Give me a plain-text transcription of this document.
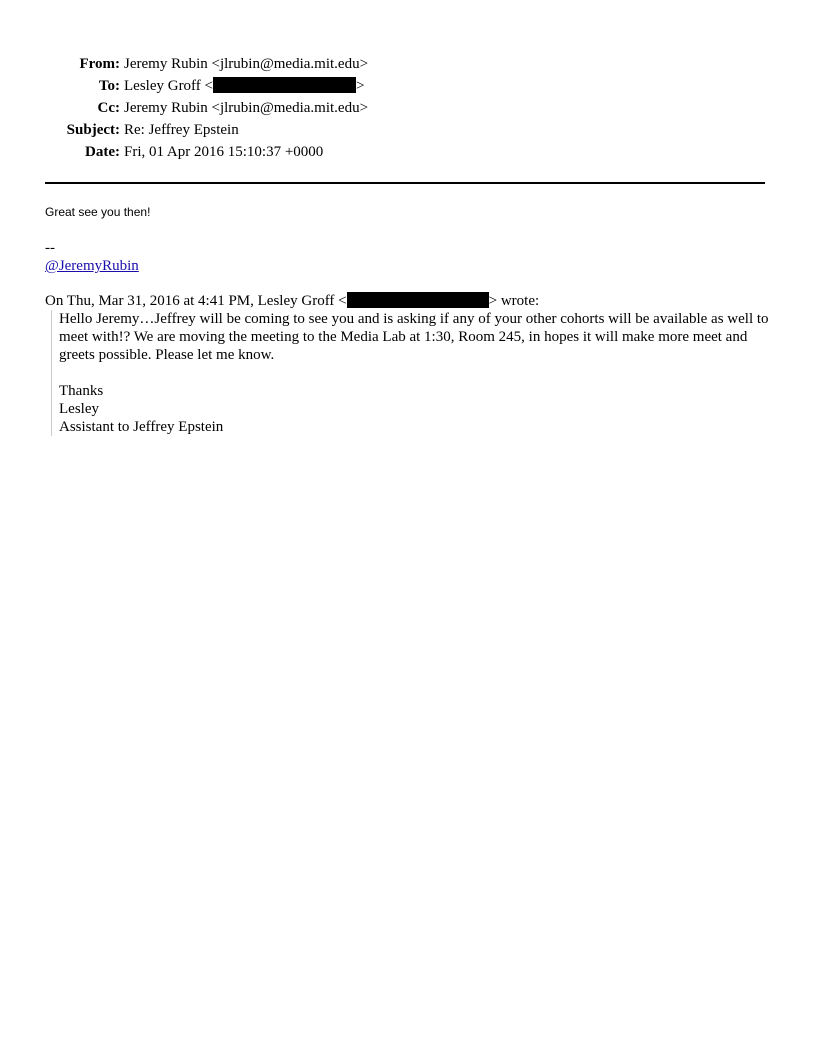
From: Jeremy Rubin <jlrubin@media.mit.edu>
To: Lesley Groff <	>
Cc: Jeremy Rubin <jlrubin@media.mit.edu>
Subject: Re: Jeffrey Epstein
Date: Fri, 01 Apr 2016 15:10:37 +0000
Great see you then!
--
@JeremyRubin
On Thu, Mar 31, 2016 at 4:41 PM, Lesley Groff <	> wrote:

Hello Jeremy…Jeffrey will be coming to see you and is asking if any of your other cohorts will be available as well to meet with!? We are moving the meeting to the Media Lab at 1:30, Room 245, in hopes it will make more meet and greets possible. Please let me know.

Thanks

Lesley

Assistant to Jeffrey Epstein
